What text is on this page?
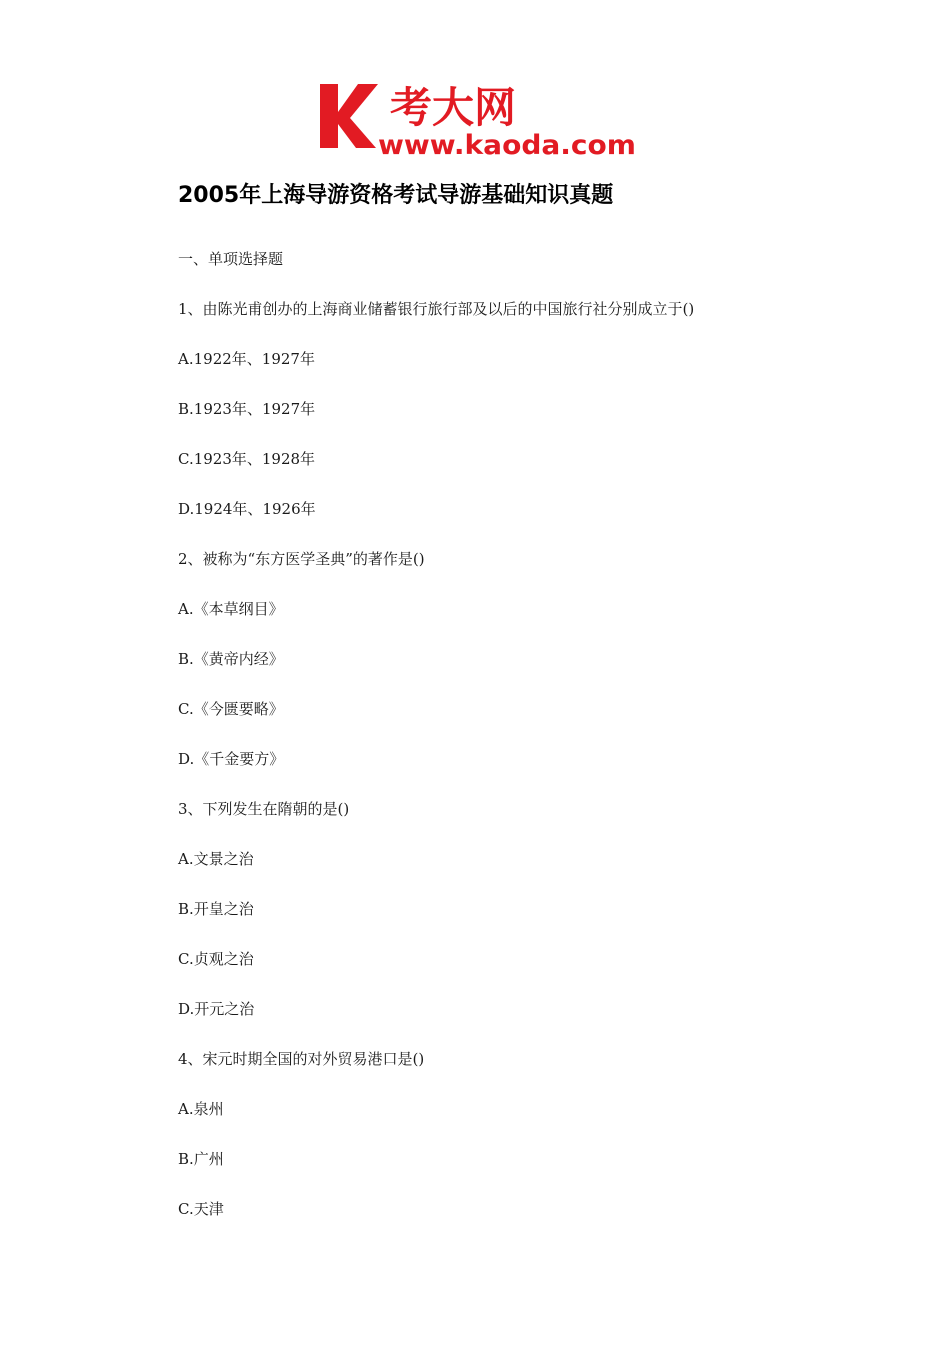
考大网
www.kaoda.com
2005年上海导游资格考试导游基础知识真题
一、单项选择题
1、由陈光甫创办的上海商业储蓄银行旅行部及以后的中国旅行社分别成立于()
A.1922年、1927年
B.1923年、1927年
C.1923年、1928年
D.1924年、1926年
2、被称为“东方医学圣典”的著作是()
A.《本草纲目》
B.《黄帝内经》
C.《今匮要略》
D.《千金要方》
3、下列发生在隋朝的是()
A.文景之治
B.开皇之治
C.贞观之治
D.开元之治
4、宋元时期全国的对外贸易港口是()
A.泉州
B.广州
C.天津
